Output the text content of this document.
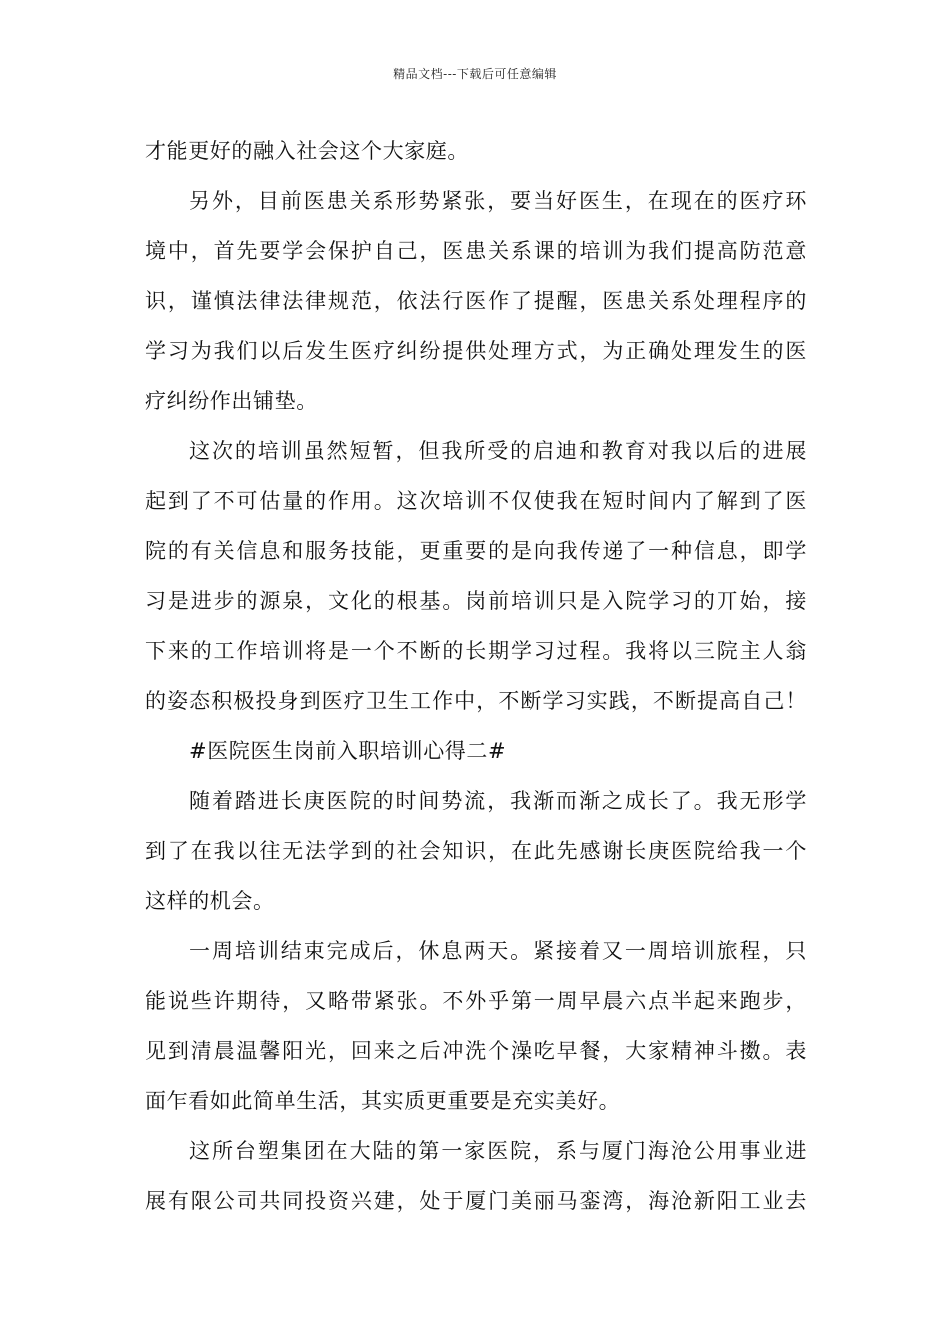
精品文档---下载后可任意编辑
才能更好的融入社会这个大家庭。
另外，目前医患关系形势紧张，要当好医生，在现在的医疗环
境中，首先要学会保护自己，医患关系课的培训为我们提高防范意
识，谨慎法律法律规范，依法行医作了提醒，医患关系处理程序的
学习为我们以后发生医疗纠纷提供处理方式，为正确处理发生的医
疗纠纷作出铺垫。
这次的培训虽然短暂，但我所受的启迪和教育对我以后的进展
起到了不可估量的作用。这次培训不仅使我在短时间内了解到了医
院的有关信息和服务技能，更重要的是向我传递了一种信息，即学
习是进步的源泉，文化的根基。岗前培训只是入院学习的丌始，接
下来的工作培训将是一个不断的长期学习过程。我将以三院主人翁
的姿态积极投身到医疗卫生工作中，不断学习实践，不断提高自己！
#医院医生岗前入职培训心得二#
随着踏进长庚医院的时间势流，我渐而渐之成长了。我无形学
到了在我以往无法学到的社会知识，在此先感谢长庚医院给我一个
这样的机会。
一周培训结束完成后，休息两天。紧接着又一周培训旅程，只
能说些许期待，又略带紧张。不外乎第一周早晨六点半起来跑步，
见到清晨温馨阳光，回来之后冲洗个澡吃早餐，大家精神斗擞。表
面乍看如此简单生活，其实质更重要是充实美好。
这所台塑集团在大陆的第一家医院，系与厦门海沧公用事业进
展有限公司共同投资兴建，处于厦门美丽马銮湾，海沧新阳工业去
